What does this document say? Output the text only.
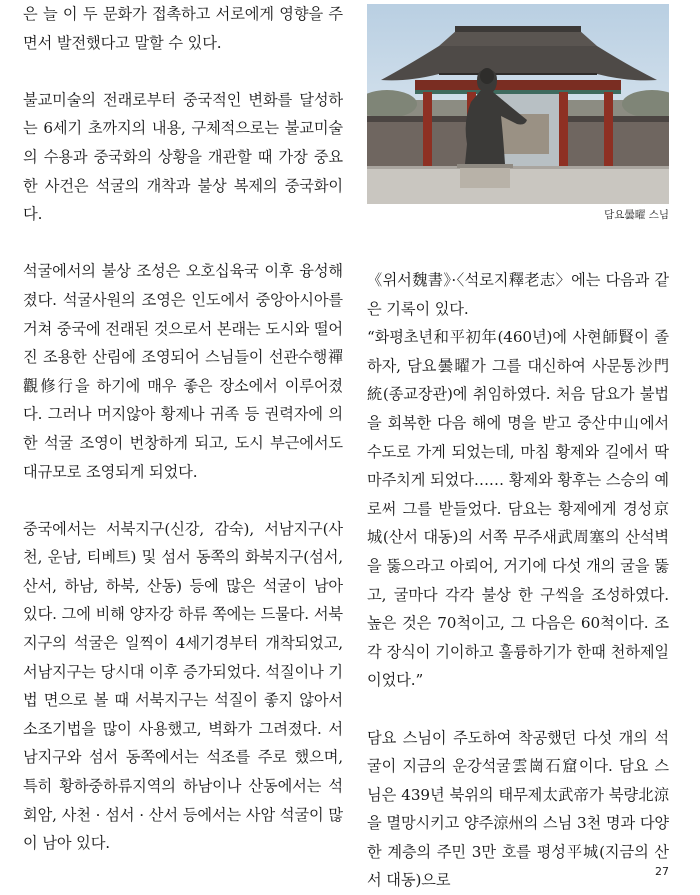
은 늘 이 두 문화가 접촉하고 서로에게 영향을 주면서 발전했다고 말할 수 있다.

불교미술의 전래로부터 중국적인 변화를 달성하는 6세기 초까지의 내용, 구체적으로는 불교미술의 수용과 중국화의 상황을 개관할 때 가장 중요한 사건은 석굴의 개착과 불상 복제의 중국화이다.

석굴에서의 불상 조성은 오호십육국 이후 융성해졌다. 석굴사원의 조영은 인도에서 중앙아시아를 거쳐 중국에 전래된 것으로서 본래는 도시와 떨어진 조용한 산림에 조영되어 스님들이 선관수행禪觀修行을 하기에 매우 좋은 장소에서 이루어졌다. 그러나 머지않아 황제나 귀족 등 권력자에 의한 석굴 조영이 번창하게 되고, 도시 부근에서도 대규모로 조영되게 되었다.

중국에서는 서북지구(신강, 감숙), 서남지구(사천, 운남, 티베트) 및 섬서 동쪽의 화북지구(섬서, 산서, 하남, 하북, 산동) 등에 많은 석굴이 남아 있다. 그에 비해 양자강 하류 쪽에는 드물다. 서북지구의 석굴은 일찍이 4세기경부터 개착되었고, 서남지구는 당시대 이후 증가되었다. 석질이나 기법 면으로 볼 때 서북지구는 석질이 좋지 않아서 소조기법을 많이 사용했고, 벽화가 그려졌다. 서남지구와 섬서 동쪽에서는 석조를 주로 했으며, 특히 황하중하류지역의 하남이나 산동에서는 석회암, 사천 · 섬서 · 산서 등에서는 사암 석굴이 많이 남아 있다.

담요曇曜 스님

《위서魏書》·〈석로지釋老志〉에는 다음과 같은 기록이 있다.

“화평초년和平初年(460년)에 사현師賢이 졸하자, 담요曇曜가 그를 대신하여 사문통沙門統(종교장관)에 취임하였다. 처음 담요가 불법을 회복한 다음 해에 명을 받고 중산中山에서 수도로 가게 되었는데, 마침 황제와 길에서 딱 마주치게 되었다…… 황제와 황후는 스승의 예로써 그를 받들었다. 담요는 황제에게 경성京城(산서 대동)의 서쪽 무주새武周塞의 산석벽을 뚫으라고 아뢰어, 거기에 다섯 개의 굴을 뚫고, 굴마다 각각 불상 한 구씩을 조성하였다. 높은 것은 70척이고, 그 다음은 60척이다. 조각 장식이 기이하고 훌륭하기가 한때 천하제일이었다.”

담요 스님이 주도하여 착공했던 다섯 개의 석굴이 지금의 운강석굴雲崗石窟이다. 담요 스님은 439년 북위의 태무제太武帝가 북량北涼을 멸망시키고 양주涼州의 스님 3천 명과 다양한 계층의 주민 3만 호를 평성平城(지금의 산서 대동)으로	27
